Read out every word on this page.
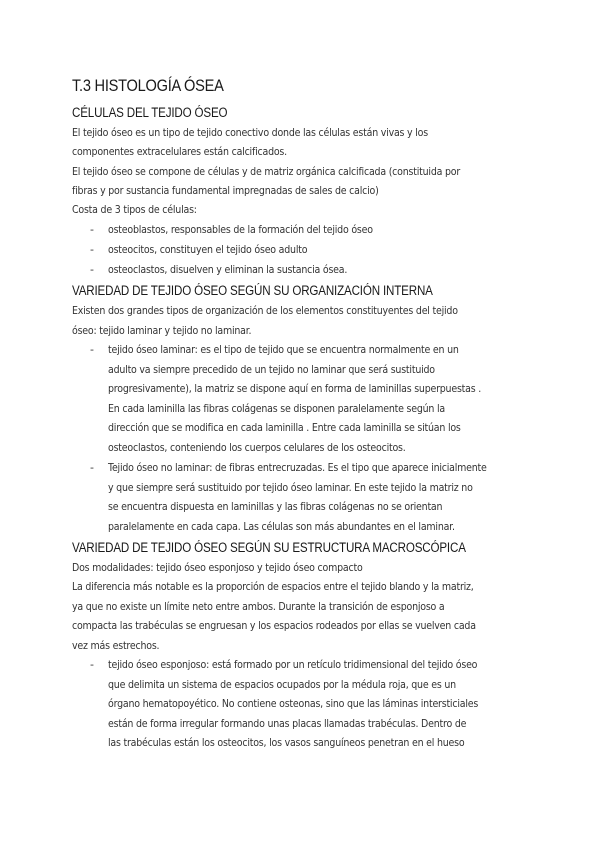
T.3 HISTOLOGÍA ÓSEA
CÉLULAS DEL TEJIDO ÓSEO
El tejido óseo es un tipo de tejido conectivo donde las células están vivas y los
componentes extracelulares están calcificados.
El tejido óseo se compone de células y de matriz orgánica calcificada (constituida por
fibras y por sustancia fundamental impregnadas de sales de calcio)
Costa de 3 tipos de células:
- osteoblastos, responsables de la formación del tejido óseo
- osteocitos, constituyen el tejido óseo adulto
- osteoclastos, disuelven y eliminan la sustancia ósea.
VARIEDAD DE TEJIDO ÓSEO SEGÚN SU ORGANIZACIÓN INTERNA
Existen dos grandes tipos de organización de los elementos constituyentes del tejido
óseo: tejido laminar y tejido no laminar.
- tejido óseo laminar: es el tipo de tejido que se encuentra normalmente en un
adulto va siempre precedido de un tejido no laminar que será sustituido
progresivamente), la matriz se dispone aquí en forma de laminillas superpuestas .
En cada laminilla las fibras colágenas se disponen paralelamente según la
dirección que se modifica en cada laminilla . Entre cada laminilla se sitúan los
osteoclastos, conteniendo los cuerpos celulares de los osteocitos.
- Tejido óseo no laminar: de fibras entrecruzadas. Es el tipo que aparece inicialmente
y que siempre será sustituido por tejido óseo laminar. En este tejido la matriz no
se encuentra dispuesta en laminillas y las fibras colágenas no se orientan
paralelamente en cada capa. Las células son más abundantes en el laminar.
VARIEDAD DE TEJIDO ÓSEO SEGÚN SU ESTRUCTURA MACROSCÓPICA
Dos modalidades: tejido óseo esponjoso y tejido óseo compacto
La diferencia más notable es la proporción de espacios entre el tejido blando y la matriz,
ya que no existe un límite neto entre ambos. Durante la transición de esponjoso a
compacta las trabéculas se engruesan y los espacios rodeados por ellas se vuelven cada
vez más estrechos.
- tejido óseo esponjoso: está formado por un retículo tridimensional del tejido óseo
que delimita un sistema de espacios ocupados por la médula roja, que es un
órgano hematopoyético. No contiene osteonas, sino que las láminas intersticiales
están de forma irregular formando unas placas llamadas trabéculas. Dentro de
las trabéculas están los osteocitos, los vasos sanguíneos penetran en el hueso
